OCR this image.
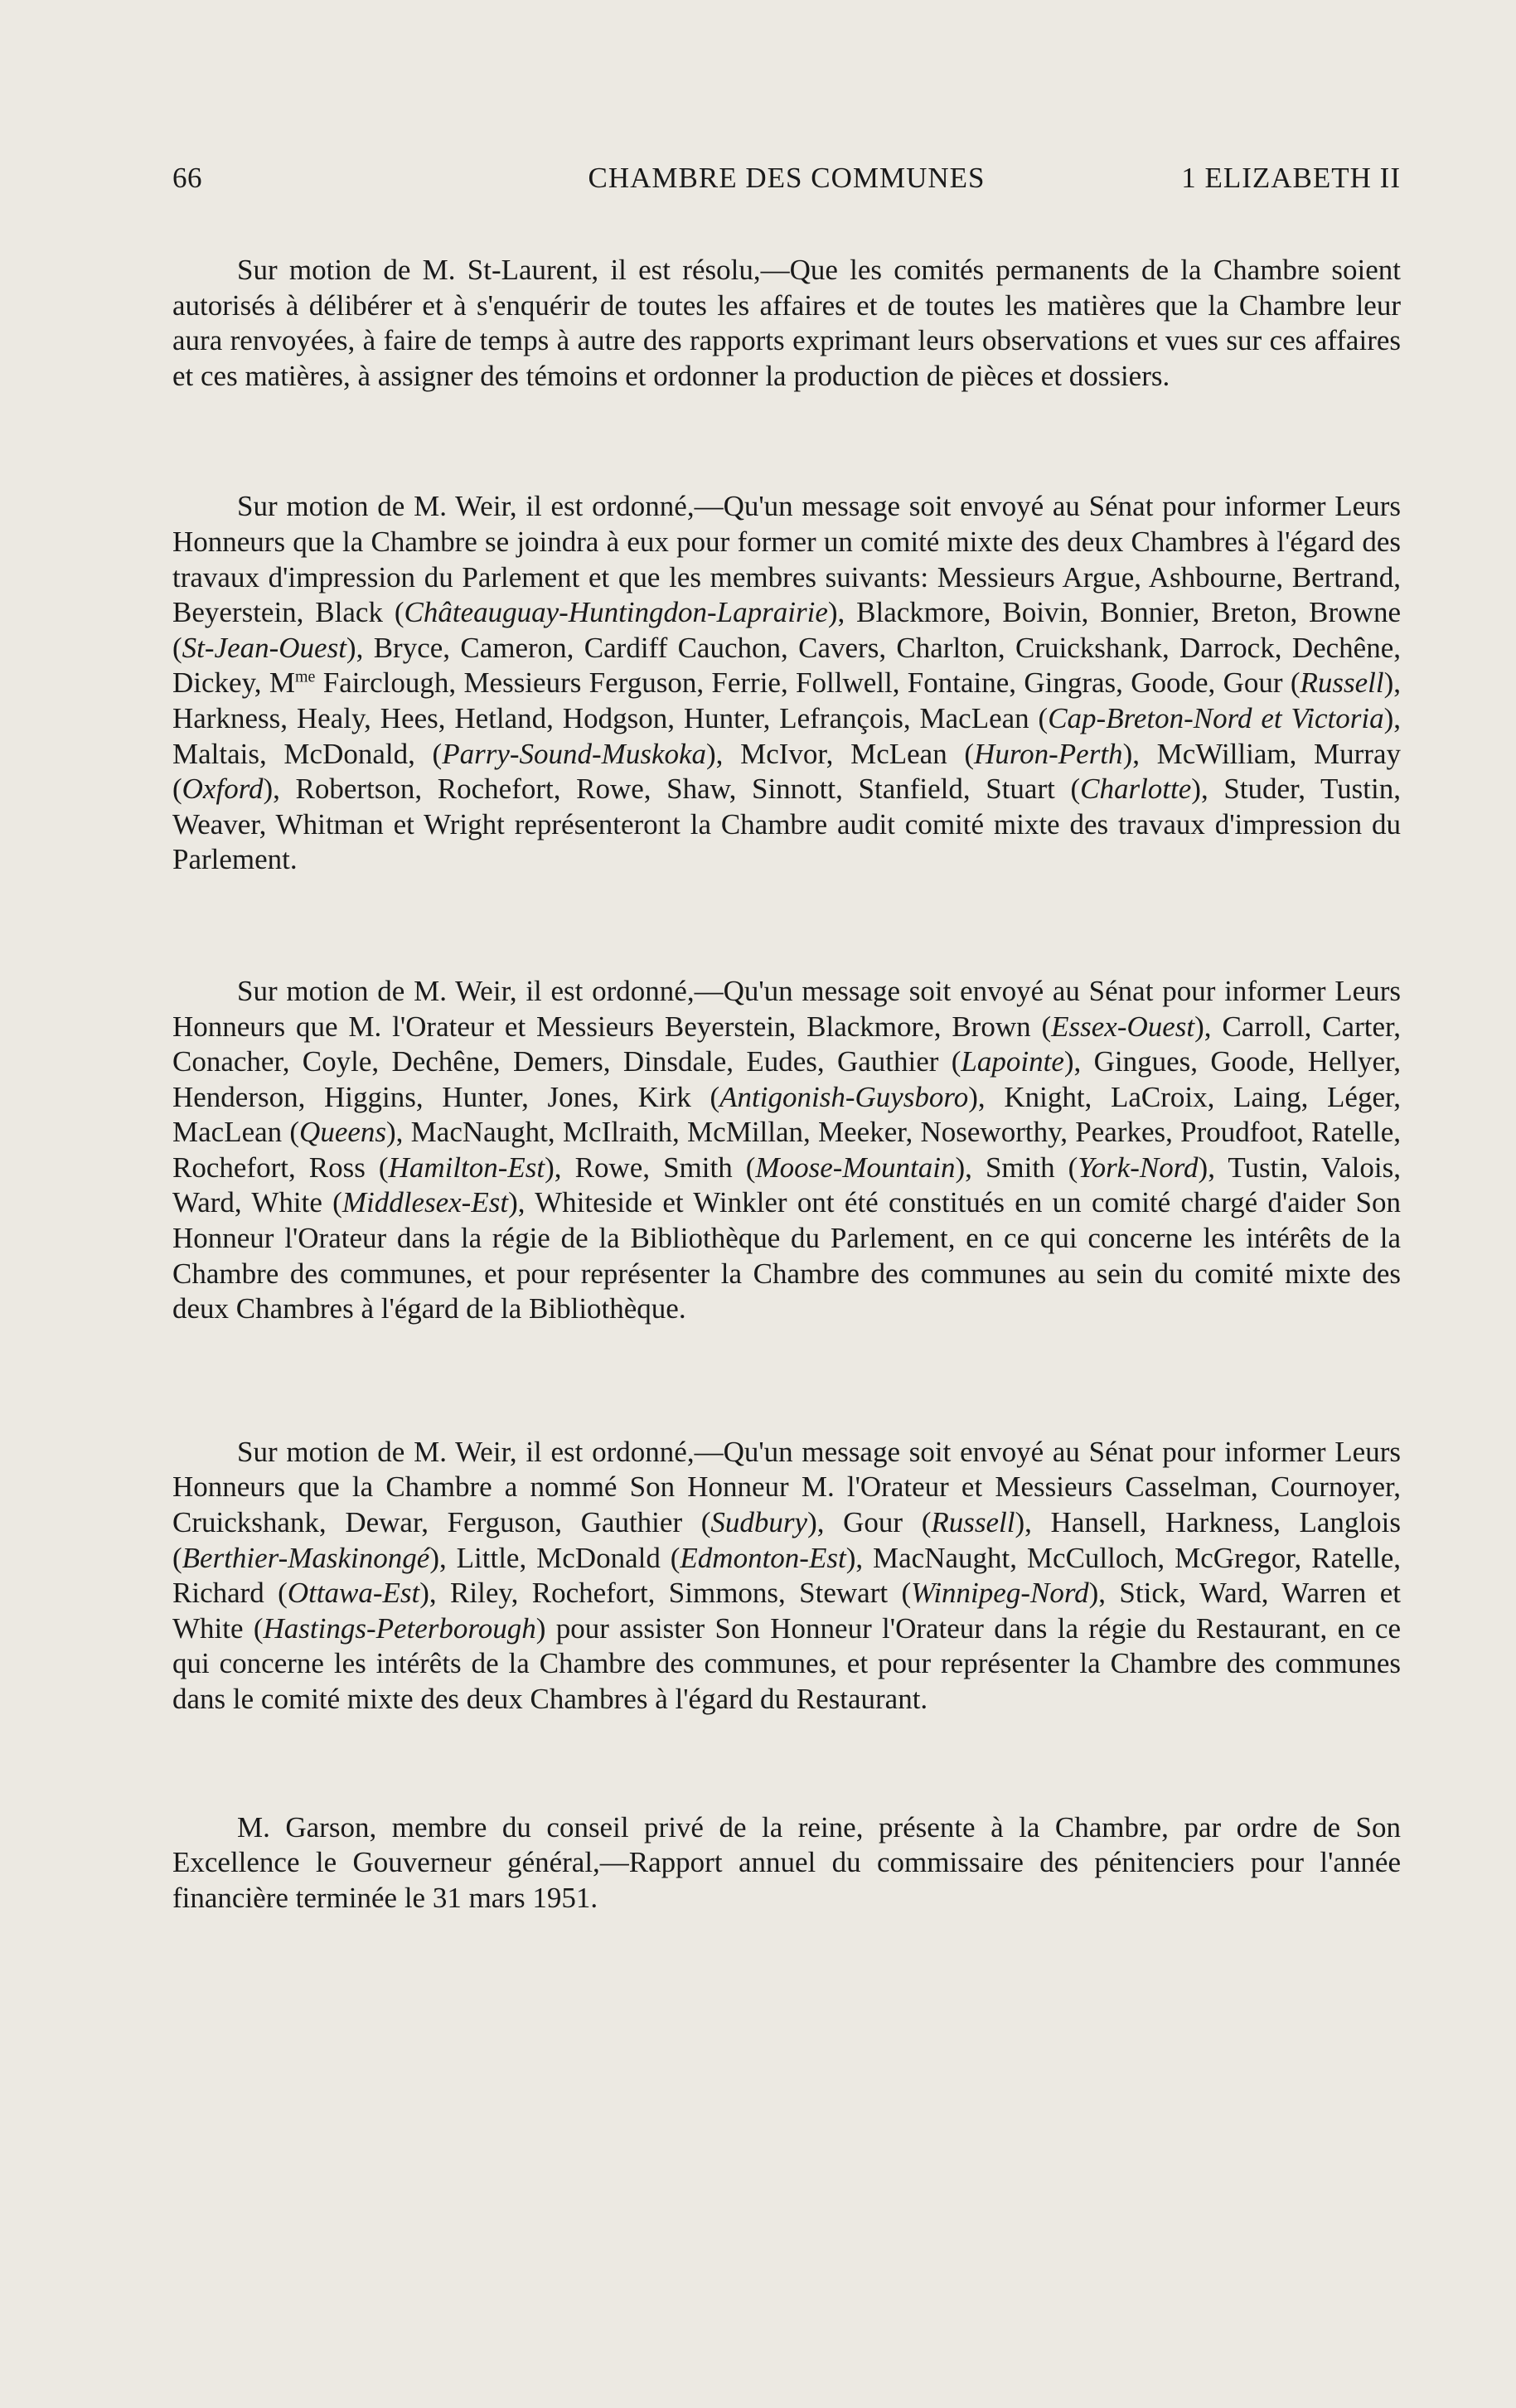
66	CHAMBRE DES COMMUNES	1 ELIZABETH II

Sur motion de M. St-Laurent, il est résolu,—Que les comités permanents de la Chambre soient autorisés à délibérer et à s'enquérir de toutes les affaires et de toutes les matières que la Chambre leur aura renvoyées, à faire de temps à autre des rapports exprimant leurs observations et vues sur ces affaires et ces matières, à assigner des témoins et ordonner la production de pièces et dossiers.

Sur motion de M. Weir, il est ordonné,—Qu'un message soit envoyé au Sénat pour informer Leurs Honneurs que la Chambre se joindra à eux pour former un comité mixte des deux Chambres à l'égard des travaux d'impression du Parlement et que les membres suivants: Messieurs Argue, Ashbourne, Bertrand, Beyerstein, Black (Châteauguay-Huntingdon-Laprairie), Blackmore, Boivin, Bonnier, Breton, Browne (St-Jean-Ouest), Bryce, Cameron, Cardiff Cauchon, Cavers, Charlton, Cruickshank, Darrock, Dechêne, Dickey, $M^{me}$ Fairclough, Messieurs Ferguson, Ferrie, Follwell, Fontaine, Gingras, Goode, Gour (Russell), Harkness, Healy, Hees, Hetland, Hodgson, Hunter, Lefrançois, MacLean (Cap-Breton-Nord et Victoria), Maltais, McDonald, (Parry-Sound-Muskoka), McIvor, McLean (Huron-Perth), McWilliam, Murray (Oxford), Robertson, Rochefort, Rowe, Shaw, Sinnott, Stanfield, Stuart (Charlotte), Studer, Tustin, Weaver, Whitman et Wright représenteront la Chambre audit comité mixte des travaux d'impression du Parlement.

Sur motion de M. Weir, il est ordonné,—Qu'un message soit envoyé au Sénat pour informer Leurs Honneurs que M. l'Orateur et Messieurs Beyerstein, Blackmore, Brown (Essex-Ouest), Carroll, Carter, Conacher, Coyle, Dechêne, Demers, Dinsdale, Eudes, Gauthier (Lapointe), Gingues, Goode, Hellyer, Henderson, Higgins, Hunter, Jones, Kirk (Antigonish-Guysboro), Knight, LaCroix, Laing, Léger, MacLean (Queens), MacNaught, McIlraith, McMillan, Meeker, Noseworthy, Pearkes, Proudfoot, Ratelle, Rochefort, Ross (Hamilton-Est), Rowe, Smith (Moose-Mountain), Smith (York-Nord), Tustin, Valois, Ward, White (Middlesex-Est), Whiteside et Winkler ont été constitués en un comité chargé d'aider Son Honneur l'Orateur dans la régie de la Bibliothèque du Parlement, en ce qui concerne les intérêts de la Chambre des communes, et pour représenter la Chambre des communes au sein du comité mixte des deux Chambres à l'égard de la Bibliothèque.

Sur motion de M. Weir, il est ordonné,—Qu'un message soit envoyé au Sénat pour informer Leurs Honneurs que la Chambre a nommé Son Honneur M. l'Orateur et Messieurs Casselman, Cournoyer, Cruickshank, Dewar, Ferguson, Gauthier (Sudbury), Gour (Russell), Hansell, Harkness, Langlois (Berthier-Maskinongé), Little, McDonald (Edmonton-Est), MacNaught, McCulloch, McGregor, Ratelle, Richard (Ottawa-Est), Riley, Rochefort, Simmons, Stewart (Winnipeg-Nord), Stick, Ward, Warren et White (Hastings-Peterborough) pour assister Son Honneur l'Orateur dans la régie du Restaurant, en ce qui concerne les intérêts de la Chambre des communes, et pour représenter la Chambre des communes dans le comité mixte des deux Chambres à l'égard du Restaurant.

M. Garson, membre du conseil privé de la reine, présente à la Chambre, par ordre de Son Excellence le Gouverneur général,—Rapport annuel du commissaire des pénitenciers pour l'année financière terminée le 31 mars 1951.
